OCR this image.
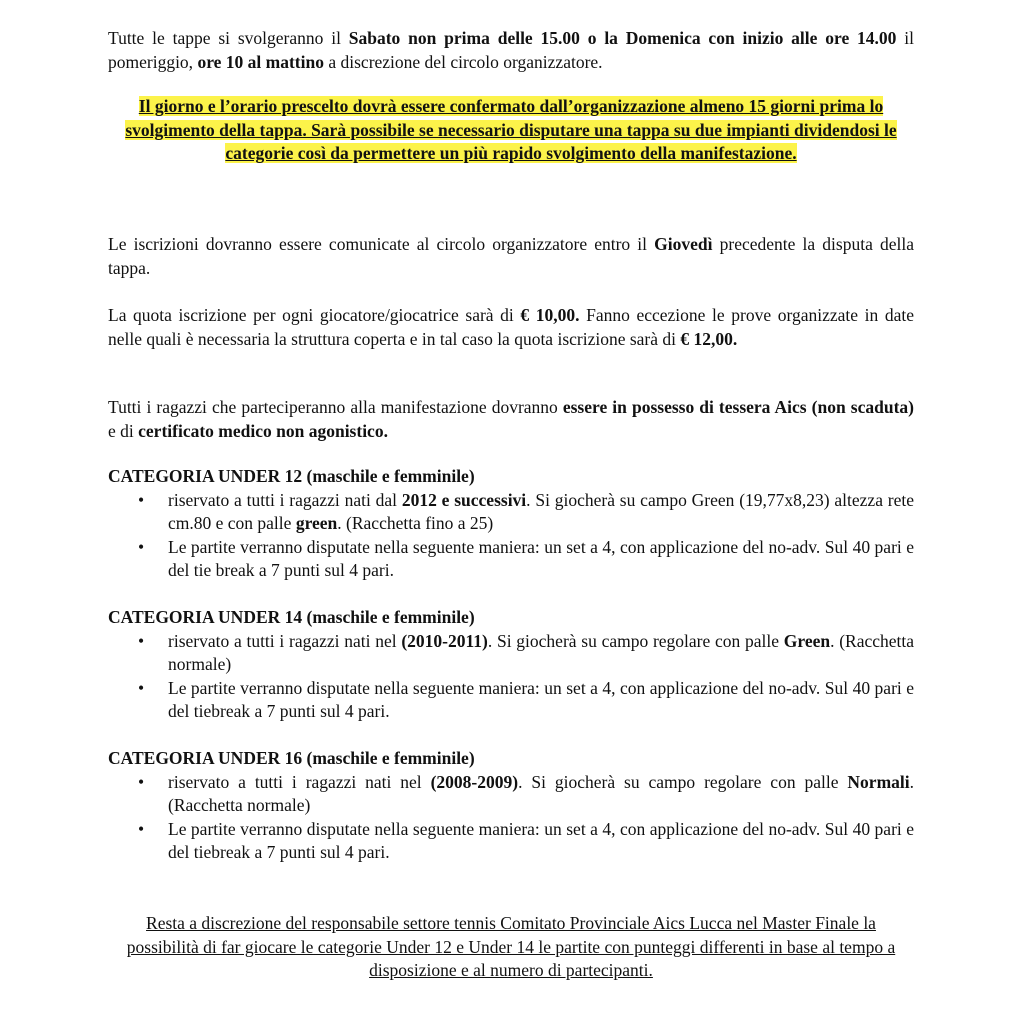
Tutte le tappe si svolgeranno il Sabato non prima delle 15.00 o la Domenica con inizio alle ore 14.00 il pomeriggio, ore 10 al mattino a discrezione del circolo organizzatore.

Il giorno e l’orario prescelto dovrà essere confermato dall’organizzazione almeno 15 giorni prima lo svolgimento della tappa. Sarà possibile se necessario disputare una tappa su due impianti dividendosi le categorie così da permettere un più rapido svolgimento della manifestazione.

Le iscrizioni dovranno essere comunicate al circolo organizzatore entro il Giovedì precedente la disputa della tappa.

La quota iscrizione per ogni giocatore/giocatrice sarà di € 10,00. Fanno eccezione le prove organizzate in date nelle quali è necessaria la struttura coperta e in tal caso la quota iscrizione sarà di € 12,00.

Tutti i ragazzi che parteciperanno alla manifestazione dovranno essere in possesso di tessera Aics (non scaduta) e di certificato medico non agonistico.

CATEGORIA UNDER 12 (maschile e femminile)
•	riservato a tutti i ragazzi nati dal 2012 e successivi. Si giocherà su campo Green (19,77x8,23) altezza rete cm.80 e con palle green. (Racchetta fino a 25)
•	Le partite verranno disputate nella seguente maniera: un set a 4, con applicazione del no-adv. Sul 40 pari e del tie break a 7 punti sul 4 pari.
CATEGORIA UNDER 14 (maschile e femminile)
•	riservato a tutti i ragazzi nati nel (2010-2011). Si giocherà su campo regolare con palle Green. (Racchetta normale)
•	Le partite verranno disputate nella seguente maniera: un set a 4, con applicazione del no-adv. Sul 40 pari e del tiebreak a 7 punti sul 4 pari.
CATEGORIA UNDER 16 (maschile e femminile)
•	riservato a tutti i ragazzi nati nel (2008-2009). Si giocherà su campo regolare con palle Normali. (Racchetta normale)
•	Le partite verranno disputate nella seguente maniera: un set a 4, con applicazione del no-adv. Sul 40 pari e del tiebreak a 7 punti sul 4 pari.

Resta a discrezione del responsabile settore tennis Comitato Provinciale Aics Lucca nel Master Finale la possibilità di far giocare le categorie Under 12 e Under 14 le partite con punteggi differenti in base al tempo a disposizione e al numero di partecipanti.
